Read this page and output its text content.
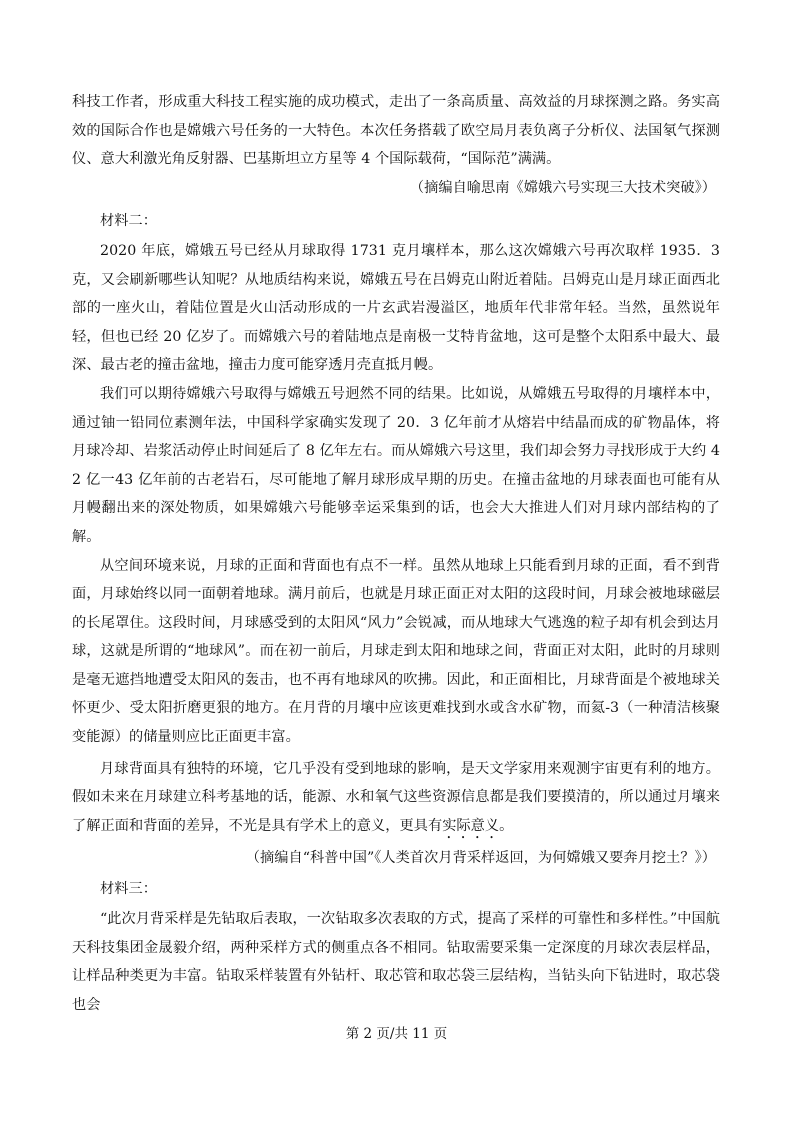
科技工作者，形成重大科技工程实施的成功模式，走出了一条高质量、高效益的月球探测之路。务实高效的国际合作也是嫦娥六号任务的一大特色。本次任务搭载了欧空局月表负离子分析仪、法国氡气探测仪、意大利激光角反射器、巴基斯坦立方星等 4 个国际载荷，“国际范”满满。

（摘编自喻思南《嫦娥六号实现三大技术突破》）

材料二：

2020 年底，嫦娥五号已经从月球取得 1731 克月壤样本，那么这次嫦娥六号再次取样 1935．3 克，又会刷新哪些认知呢？从地质结构来说，嫦娥五号在吕姆克山附近着陆。吕姆克山是月球正面西北部的一座火山，着陆位置是火山活动形成的一片玄武岩漫溢区，地质年代非常年轻。当然，虽然说年轻，但也已经 20 亿岁了。而嫦娥六号的着陆地点是南极一艾特肯盆地，这可是整个太阳系中最大、最深、最古老的撞击盆地，撞击力度可能穿透月壳直抵月幔。

我们可以期待嫦娥六号取得与嫦娥五号迥然不同的结果。比如说，从嫦娥五号取得的月壤样本中，通过铀一铅同位素测年法，中国科学家确实发现了 20．3 亿年前才从熔岩中结晶而成的矿物晶体，将月球冷却、岩浆活动停止时间延后了 8 亿年左右。而从嫦娥六号这里，我们却会努力寻找形成于大约 42 亿一43 亿年前的古老岩石，尽可能地了解月球形成早期的历史。在撞击盆地的月球表面也可能有从月幔翻出来的深处物质，如果嫦娥六号能够幸运采集到的话，也会大大推进人们对月球内部结构的了解。

从空间环境来说，月球的正面和背面也有点不一样。虽然从地球上只能看到月球的正面，看不到背面，月球始终以同一面朝着地球。满月前后，也就是月球正面正对太阳的这段时间，月球会被地球磁层的长尾罩住。这段时间，月球感受到的太阳风“风力”会锐减，而从地球大气逃逸的粒子却有机会到达月球，这就是所谓的“地球风”。而在初一前后，月球走到太阳和地球之间，背面正对太阳，此时的月球则是毫无遮挡地遭受太阳风的轰击，也不再有地球风的吹拂。因此，和正面相比，月球背面是个被地球关怀更少、受太阳折磨更狠的地方。在月背的月壤中应该更难找到水或含水矿物，而氦-3（一种清洁核聚变能源）的储量则应比正面更丰富。

月球背面具有独特的环境，它几乎没有受到地球的影响，是天文学家用来观测宇宙更有利的地方。假如未来在月球建立科考基地的话，能源、水和氧气这些资源信息都是我们要摸清的，所以通过月壤来了解正面和背面的差异，不光是具有学术上的意义，更具有实际意义。

（摘编自“科普中国”《人类首次月背采样返回，为何嫦娥又要奔月挖土？》）

材料三：

“此次月背采样是先钻取后表取，一次钻取多次表取的方式，提高了采样的可靠性和多样性。”中国航天科技集团金晟毅介绍，两种采样方式的侧重点各不相同。钻取需要采集一定深度的月球次表层样品，让样品种类更为丰富。钻取采样装置有外钻杆、取芯管和取芯袋三层结构，当钻头向下钻进时，取芯袋也会

第 2 页/共 11 页
